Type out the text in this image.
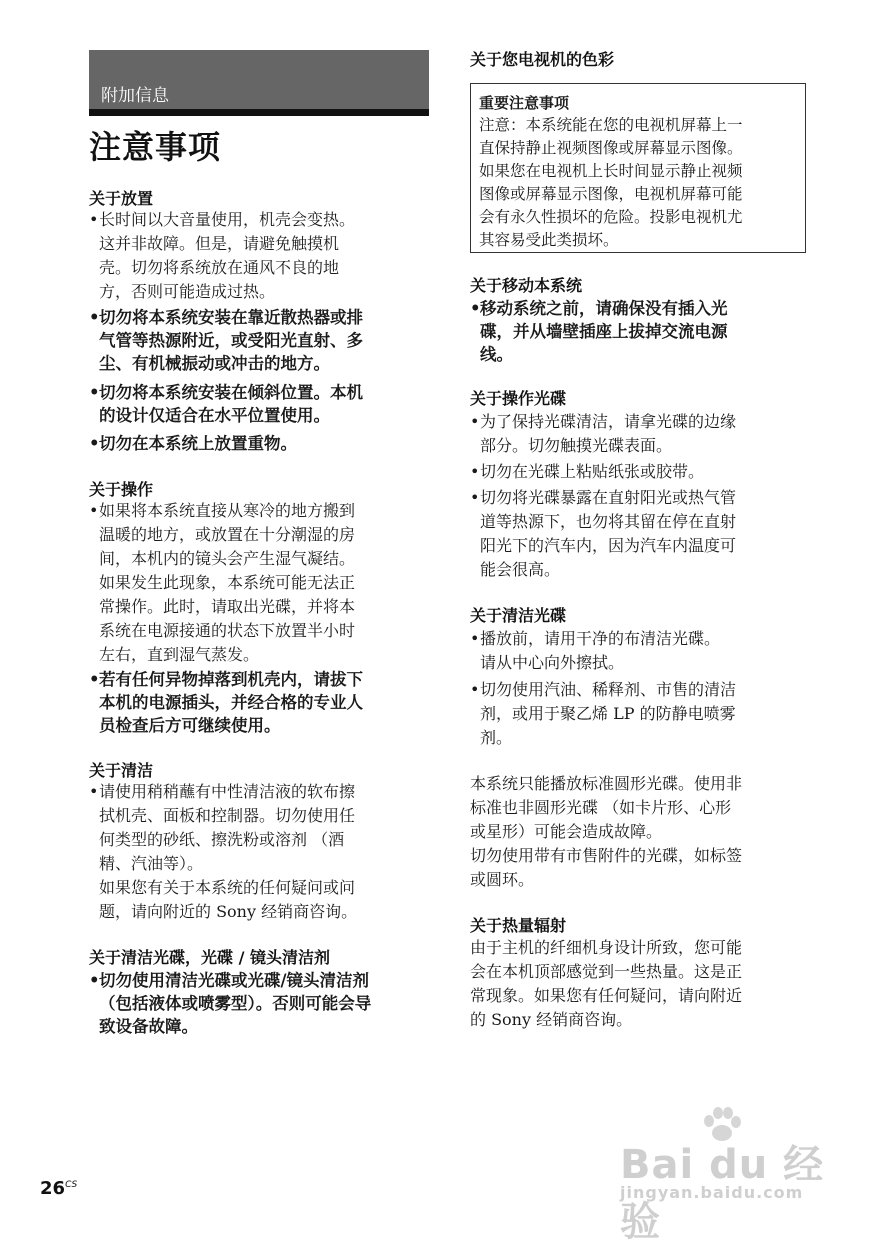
附加信息
注意事项
关于放置
•长时间以大音量使用，机壳会变热。
这并非故障。但是，请避免触摸机
壳。切勿将系统放在通风不良的地
方，否则可能造成过热。
•切勿将本系统安装在靠近散热器或排
气管等热源附近，或受阳光直射、多
尘、有机械振动或冲击的地方。
•切勿将本系统安装在倾斜位置。本机
的设计仅适合在水平位置使用。
•切勿在本系统上放置重物。
关于操作
•如果将本系统直接从寒冷的地方搬到
温暖的地方，或放置在十分潮湿的房
间，本机内的镜头会产生湿气凝结。
如果发生此现象，本系统可能无法正
常操作。此时，请取出光碟，并将本
系统在电源接通的状态下放置半小时
左右，直到湿气蒸发。
•若有任何异物掉落到机壳内，请拔下
本机的电源插头，并经合格的专业人
员检查后方可继续使用。
关于清洁
•请使用稍稍蘸有中性清洁液的软布擦
拭机壳、面板和控制器。切勿使用任
何类型的砂纸、擦洗粉或溶剂 （酒
精、汽油等）。
如果您有关于本系统的任何疑问或问
题，请向附近的 Sony 经销商咨询。
关于清洁光碟，光碟 / 镜头清洁剂
•切勿使用清洁光碟或光碟/镜头清洁剂
（包括液体或喷雾型）。否则可能会导
致设备故障。
关于您电视机的色彩
重要注意事项
注意：本系统能在您的电视机屏幕上一
直保持静止视频图像或屏幕显示图像。
如果您在电视机上长时间显示静止视频
图像或屏幕显示图像，电视机屏幕可能
会有永久性损坏的危险。投影电视机尤
其容易受此类损坏。
关于移动本系统
•移动系统之前，请确保没有插入光
碟，并从墙壁插座上拔掉交流电源
线。
关于操作光碟
•为了保持光碟清洁，请拿光碟的边缘
部分。切勿触摸光碟表面。
•切勿在光碟上粘贴纸张或胶带。
•切勿将光碟暴露在直射阳光或热气管
道等热源下，也勿将其留在停在直射
阳光下的汽车内，因为汽车内温度可
能会很高。
关于清洁光碟
•播放前，请用干净的布清洁光碟。
请从中心向外擦拭。
•切勿使用汽油、稀释剂、市售的清洁
剂，或用于聚乙烯 LP 的防静电喷雾
剂。
本系统只能播放标准圆形光碟。使用非
标准也非圆形光碟 （如卡片形、心形
或星形）可能会造成故障。
切勿使用带有市售附件的光碟，如标签
或圆环。
关于热量辐射
由于主机的纤细机身设计所致，您可能
会在本机顶部感觉到一些热量。这是正
常现象。如果您有任何疑问，请向附近
的 Sony 经销商咨询。
$26^{CS}$	Bai du 经验
jingyan.baidu.com
